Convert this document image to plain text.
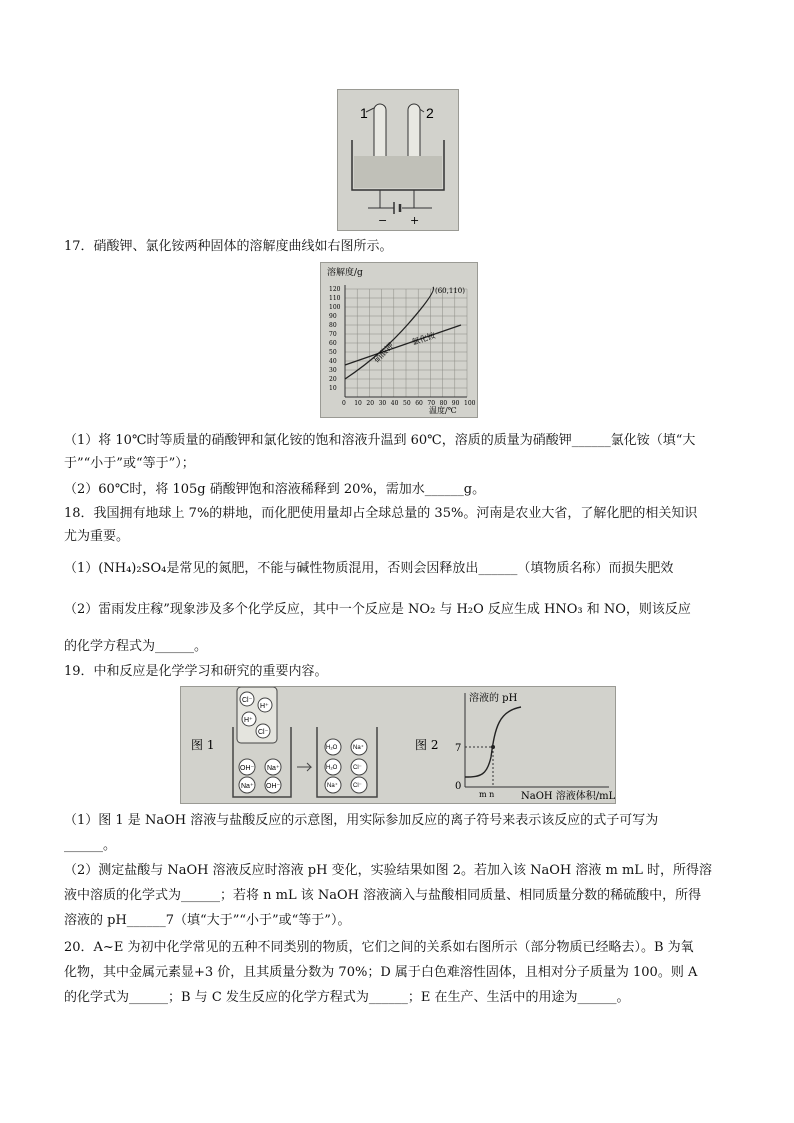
1	2
− +
17．硝酸钾、氯化铵两种固体的溶解度曲线如右图所示。
溶解度/g
120
110
100
90
80
70
60
50
40
30
20
10
0 10 20 30 40 50 60 70 80 90 100
(60,110)
硝酸钾
氯化铵
温度/℃
（1）将 10℃时等质量的硝酸钾和氯化铵的饱和溶液升温到 60℃，溶质的质量为硝酸钾______氯化铵（填“大
于”“小于”或“等于”）；
（2）60℃时，将 105g 硝酸钾饱和溶液稀释到 20%，需加水______g。
18．我国拥有地球上 7%的耕地，而化肥使用量却占全球总量的 35%。河南是农业大省，了解化肥的相关知识
尤为重要。
（1）(NH₄)₂SO₄是常见的氮肥，不能与碱性物质混用，否则会因释放出______（填物质名称）而损失肥效
（2）雷雨发庄稼”现象涉及多个化学反应，其中一个反应是 NO₂ 与 H₂O 反应生成 HNO₃ 和 NO，则该反应
的化学方程式为______。
19．中和反应是化学学习和研究的重要内容。
图 1
Cl⁻
H⁺
H⁺
Cl⁻
OH⁻ Na⁺
Na⁺ OH⁻
H₂O	Na⁺
H₂O	Cl⁻
Na⁺	Cl⁻
图 2
溶液的 pH
7
0
m n	NaOH 溶液体积/mL
（1）图 1 是 NaOH 溶液与盐酸反应的示意图，用实际参加反应的离子符号来表示该反应的式子可写为
______。
（2）测定盐酸与 NaOH 溶液反应时溶液 pH 变化，实验结果如图 2。若加入该 NaOH 溶液 m mL 时，所得溶
液中溶质的化学式为______；若将 n mL 该 NaOH 溶液滴入与盐酸相同质量、相同质量分数的稀硫酸中，所得
溶液的 pH______7（填“大于”“小于”或“等于”）。
20．A~E 为初中化学常见的五种不同类别的物质，它们之间的关系如右图所示（部分物质已经略去）。B 为氧
化物，其中金属元素显+3 价，且其质量分数为 70%；D 属于白色难溶性固体，且相对分子质量为 100。则 A
的化学式为______；B 与 C 发生反应的化学方程式为______；E 在生产、生活中的用途为______。
